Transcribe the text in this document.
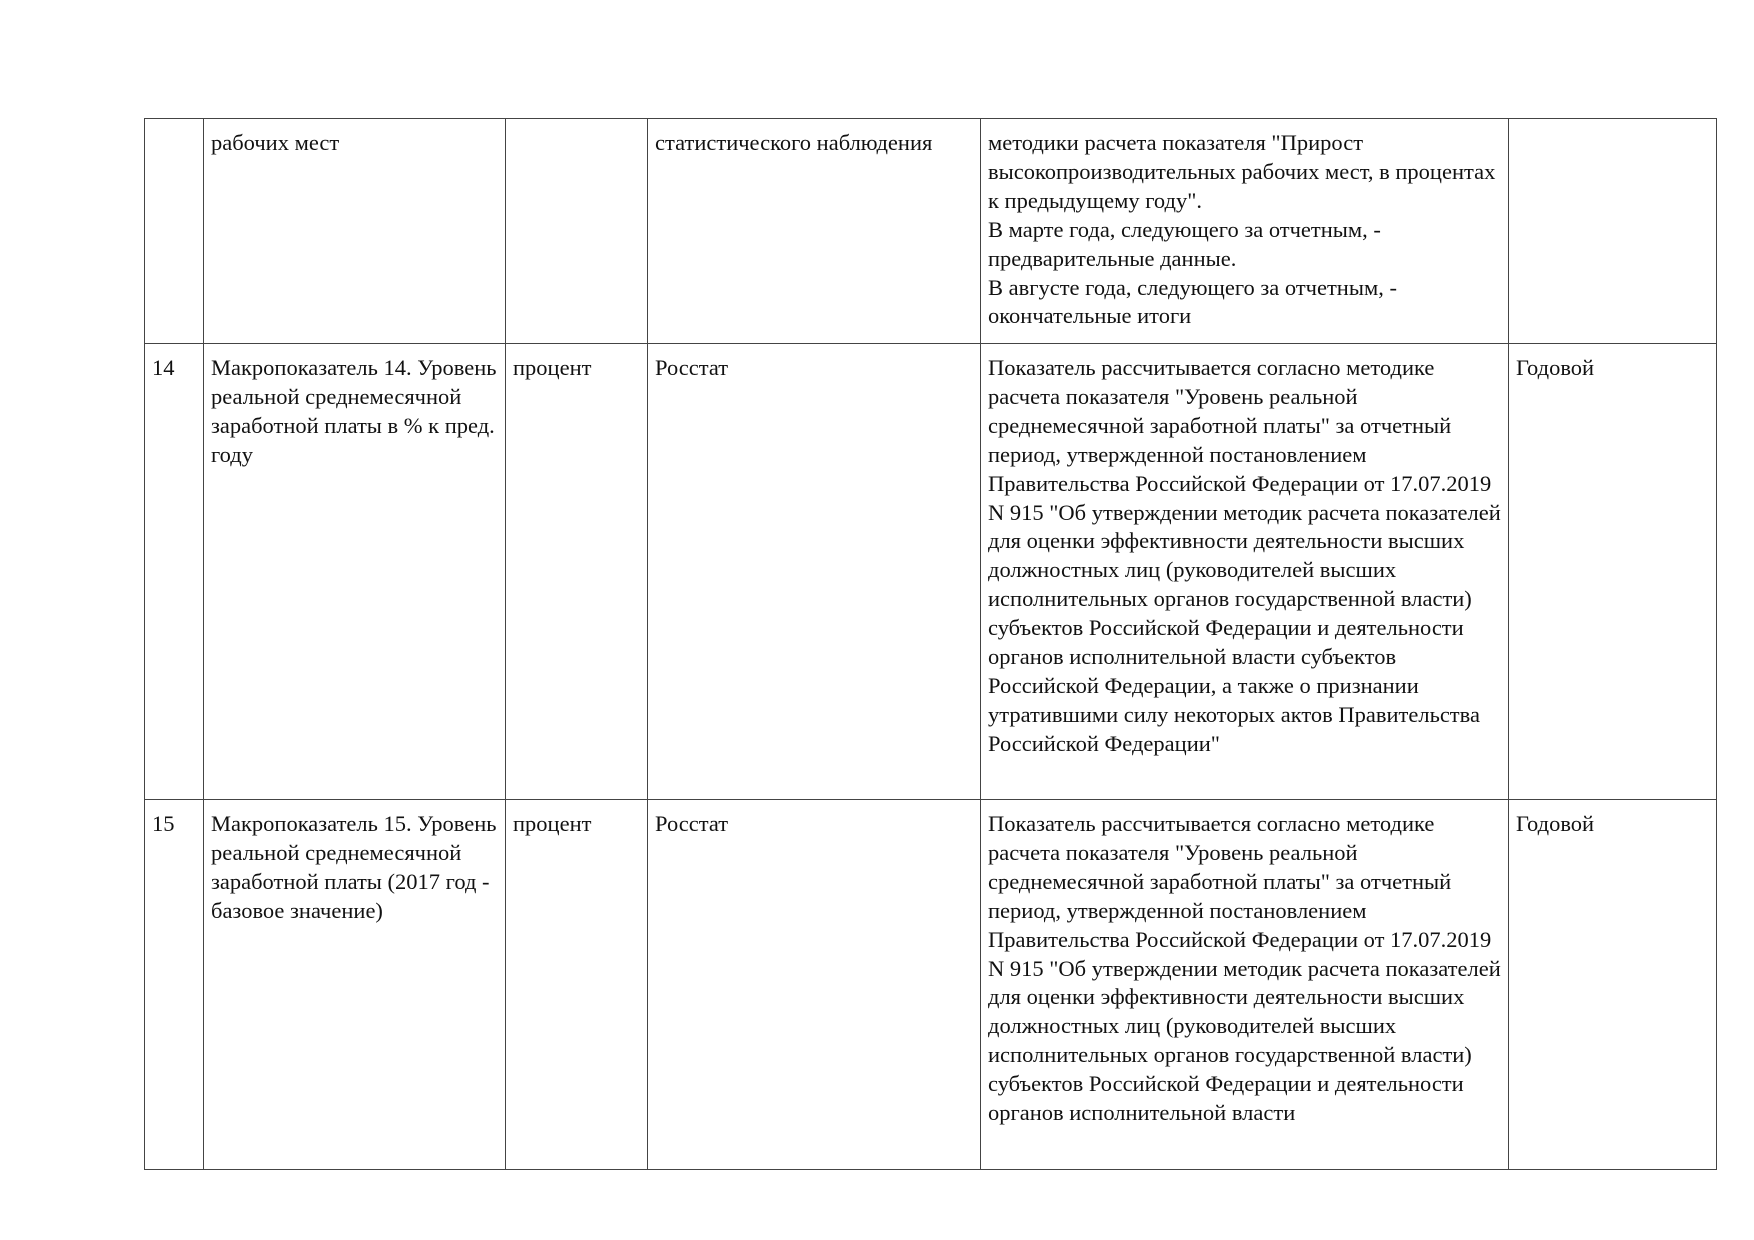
	рабочих мест		статистического наблюдения	методики расчета показателя "Прирост высокопроизводительных рабочих мест, в процентах к предыдущему году".
В марте года, следующего за отчетным, - предварительные данные.
В августе года, следующего за отчетным, - окончательные итоги	
14	Макропоказатель 14. Уровень реальной среднемесячной заработной платы в % к пред. году	процент	Росстат	Показатель рассчитывается согласно методике расчета показателя "Уровень реальной среднемесячной заработной платы" за отчетный период, утвержденной постановлением Правительства Российской Федерации от 17.07.2019 N 915 "Об утверждении методик расчета показателей для оценки эффективности деятельности высших должностных лиц (руководителей высших исполнительных органов государственной власти) субъектов Российской Федерации и деятельности органов исполнительной власти субъектов Российской Федерации, а также о признании утратившими силу некоторых актов Правительства Российской Федерации"	Годовой
15	Макропоказатель 15. Уровень реальной среднемесячной заработной платы (2017 год - базовое значение)	процент	Росстат	Показатель рассчитывается согласно методике расчета показателя "Уровень реальной среднемесячной заработной платы" за отчетный период, утвержденной постановлением Правительства Российской Федерации от 17.07.2019 N 915 "Об утверждении методик расчета показателей для оценки эффективности деятельности высших должностных лиц (руководителей высших исполнительных органов государственной власти) субъектов Российской Федерации и деятельности органов исполнительной власти	Годовой
